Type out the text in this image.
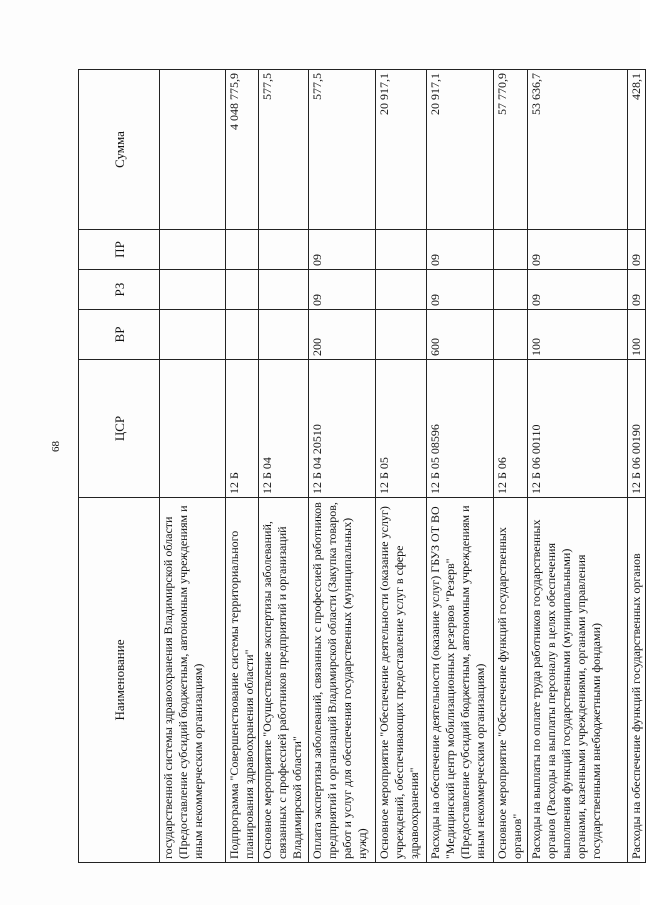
68
Наименование	ЦСР	ВР	РЗ	ПР	Сумма
государственной системы здравоохранения Владимирской области (Предоставление субсидий бюджетным, автономным учреждениям и иным некоммерческим организациям)					
Подпрограмма "Совершенствование системы территориального планирования здравоохранения области"	12 Б				4 048 775,9
Основное мероприятие "Осуществление экспертизы заболеваний, связанных с профессией работников предприятий и организаций Владимирской области"	12 Б 04				577,5
Оплата экспертизы заболеваний, связанных с профессией работников предприятий и организаций Владимирской области (Закупка товаров, работ и услуг для обеспечения государственных (муниципальных) нужд)	12 Б 04 20510	200	09	09	577,5
Основное мероприятие "Обеспечение деятельности (оказание услуг) учреждений, обеспечивающих предоставление услуг в сфере здравоохранения"	12 Б 05				20 917,1
Расходы на обеспечение деятельности (оказание услуг) ГБУЗ ОТ ВО "Медицинский центр мобилизационных резервов "Резерв" (Предоставление субсидий бюджетным, автономным учреждениям и иным некоммерческим организациям)	12 Б 05 08596	600	09	09	20 917,1
Основное мероприятие "Обеспечение функций государственных органов"	12 Б 06				57 770,9
Расходы на выплаты по оплате труда работников государственных органов (Расходы на выплаты персоналу в целях обеспечения выполнения функций государственными (муниципальными) органами, казенными учреждениями, органами управления государственными внебюджетными фондами)	12 Б 06 00110	100	09	09	53 636,7
Расходы на обеспечение функций государственных органов	12 Б 06 00190	100	09	09	428,1
